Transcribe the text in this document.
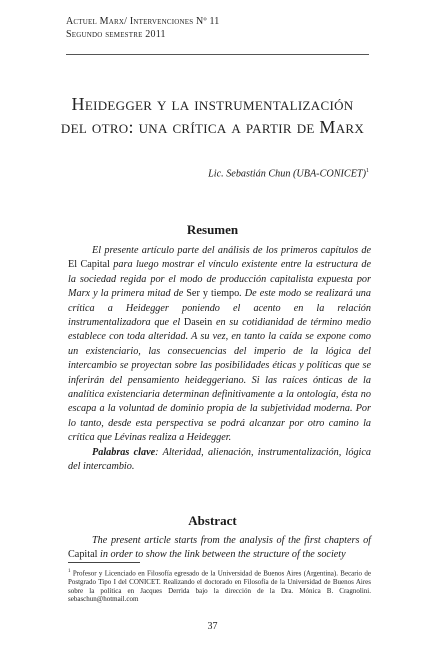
Actuel Marx/ Intervenciones Nº 11
Segundo semestre 2011
Heidegger y la instrumentalización
del otro: una crítica a partir de Marx
Lic. Sebastián Chun (UBA-CONICET)$^1$
Resumen

El presente artículo parte del análisis de los primeros capítulos de El Capital para luego mostrar el vínculo existente entre la estructura de la sociedad regida por el modo de producción capitalista expuesta por Marx y la primera mitad de Ser y tiempo. De este modo se realizará una crítica a Heidegger poniendo el acento en la relación instrumentalizadora que el Dasein en su cotidianidad de término medio establece con toda alteridad. A su vez, en tanto la caída se expone como un existenciario, las consecuencias del imperio de la lógica del intercambio se proyectan sobre las posibilidades éticas y políticas que se inferirán del pensamiento heideggeriano. Si las raíces ónticas de la analítica existenciaria determinan definitivamente a la ontología, ésta no escapa a la voluntad de dominio propia de la subjetividad moderna. Por lo tanto, desde esta perspectiva se podrá alcanzar por otro camino la crítica que Lévinas realiza a Heidegger.

Palabras clave: Alteridad, alienación, instrumentalización, lógica del intercambio.

Abstract

The present article starts from the analysis of the first chapters of Capital in order to show the link between the structure of the society

$^1$ Profesor y Licenciado en Filosofía egresado de la Universidad de Buenos Aires (Argentina). Becario de Postgrado Tipo I del CONICET. Realizando el doctorado en Filosofía de la Universidad de Buenos Aires sobre la política en Jacques Derrida bajo la dirección de la Dra. Mónica B. Cragnolini. sebaschun@hotmail.com
37
